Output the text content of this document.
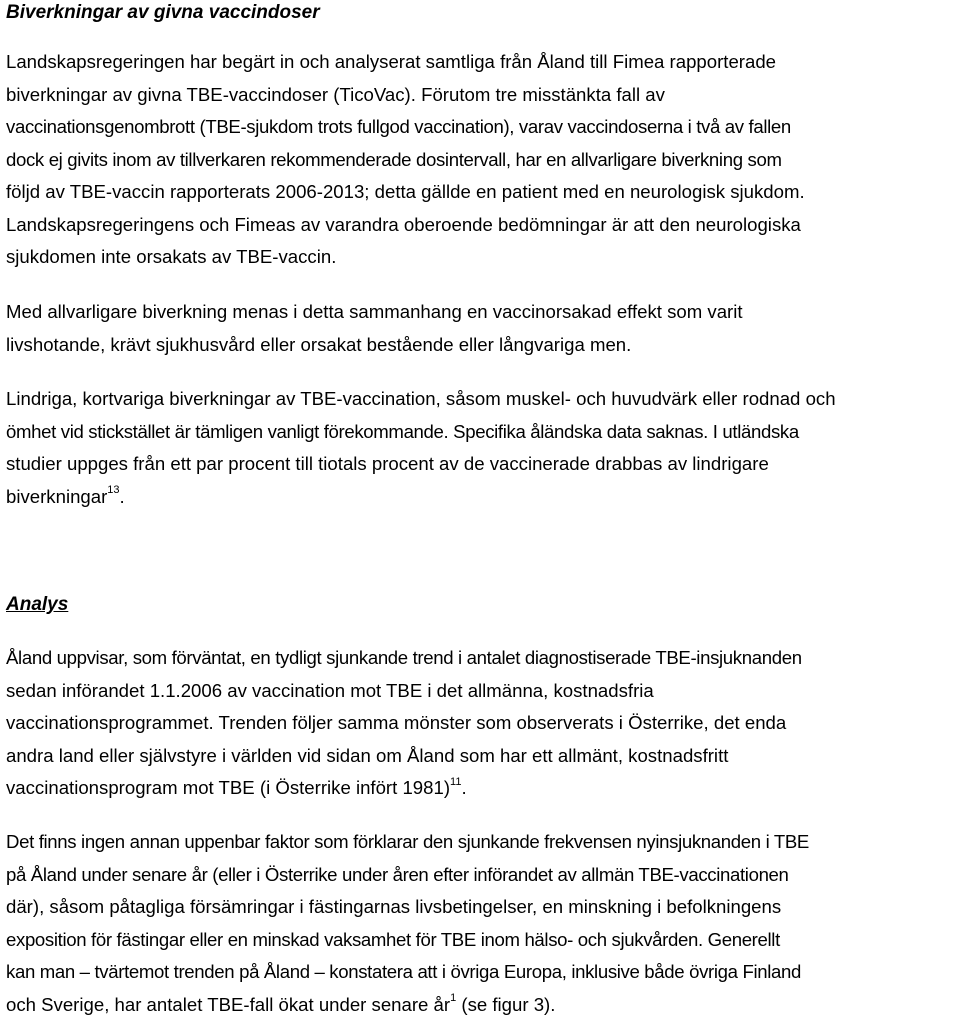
Biverkningar av givna vaccindoser
Landskapsregeringen har begärt in och analyserat samtliga från Åland till Fimea rapporterade
biverkningar av givna TBE-vaccindoser (TicoVac). Förutom tre misstänkta fall av
vaccinationsgenombrott (TBE-sjukdom trots fullgod vaccination), varav vaccindoserna i två av fallen
dock ej givits inom av tillverkaren rekommenderade dosintervall, har en allvarligare biverkning som
följd av TBE-vaccin rapporterats 2006-2013; detta gällde en patient med en neurologisk sjukdom.
Landskapsregeringens och Fimeas av varandra oberoende bedömningar är att den neurologiska
sjukdomen inte orsakats av TBE-vaccin.
Med allvarligare biverkning menas i detta sammanhang en vaccinorsakad effekt som varit
livshotande, krävt sjukhusvård eller orsakat bestående eller långvariga men.
Lindriga, kortvariga biverkningar av TBE-vaccination, såsom muskel- och huvudvärk eller rodnad och
ömhet vid stickstället är tämligen vanligt förekommande. Specifika åländska data saknas. I utländska
studier uppges från ett par procent till tiotals procent av de vaccinerade drabbas av lindrigare
biverkningar$^{13}$.
Analys
Åland uppvisar, som förväntat, en tydligt sjunkande trend i antalet diagnostiserade TBE-insjuknanden
sedan införandet 1.1.2006 av vaccination mot TBE i det allmänna, kostnadsfria
vaccinationsprogrammet. Trenden följer samma mönster som observerats i Österrike, det enda
andra land eller självstyre i världen vid sidan om Åland som har ett allmänt, kostnadsfritt
vaccinationsprogram mot TBE (i Österrike infört 1981)$^{11}$.
Det finns ingen annan uppenbar faktor som förklarar den sjunkande frekvensen nyinsjuknanden i TBE
på Åland under senare år (eller i Österrike under åren efter införandet av allmän TBE-vaccinationen
där), såsom påtagliga försämringar i fästingarnas livsbetingelser, en minskning i befolkningens
exposition för fästingar eller en minskad vaksamhet för TBE inom hälso- och sjukvården. Generellt
kan man – tvärtemot trenden på Åland – konstatera att i övriga Europa, inklusive både övriga Finland
och Sverige, har antalet TBE-fall ökat under senare $år^1$ (se figur 3).
